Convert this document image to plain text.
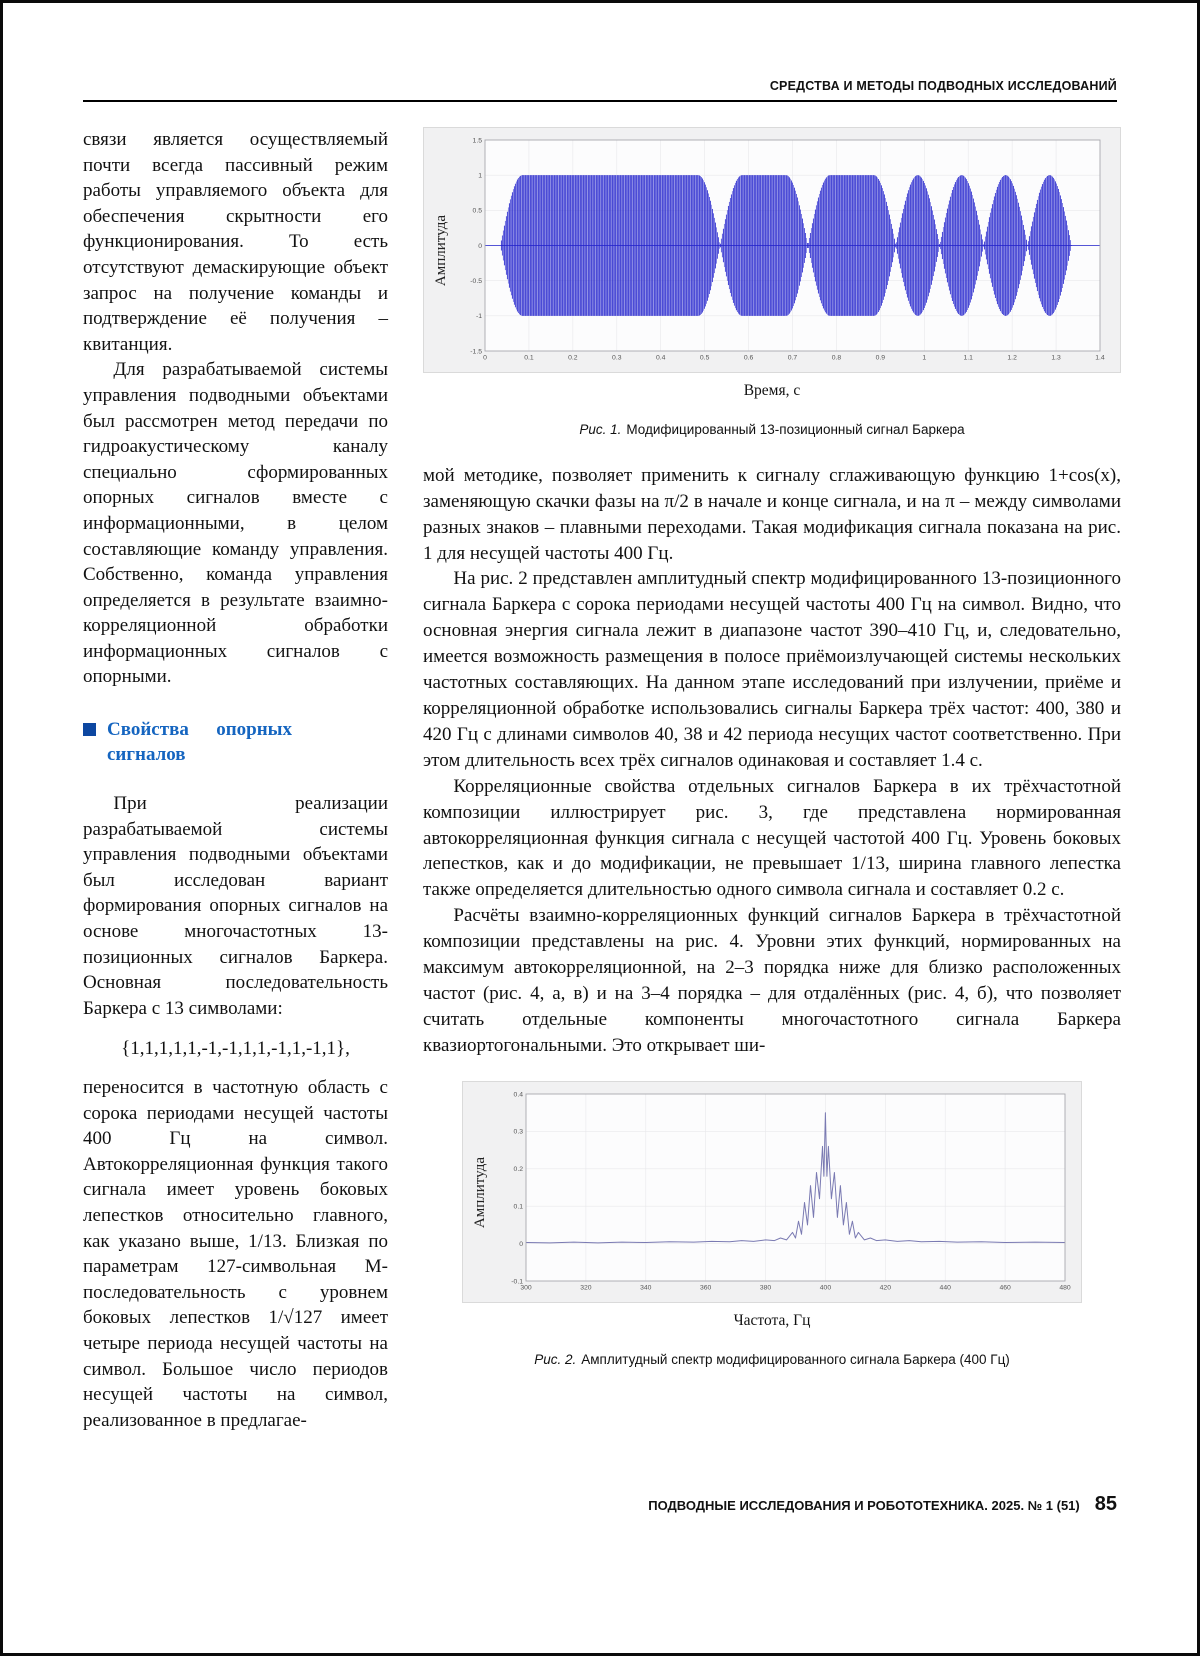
СРЕДСТВА И МЕТОДЫ ПОДВОДНЫХ ИССЛЕДОВАНИЙ

связи является осуществляемый почти всегда пассивный режим работы управляемого объекта для обеспечения скрытности его функционирования. То есть отсутствуют демаскирующие объект запрос на получение команды и подтверждение её получения – квитанция.

Для разрабатываемой системы управления подводными объектами был рассмотрен метод передачи по гидроакустическому каналу специально сформированных опорных сигналов вместе с информационными, в целом составляющие команду управления. Собственно, команда управления определяется в результате взаимно-корреляционной обработки информационных сигналов с опорными.

Свойства опорных сигналов

При реализации разрабатываемой системы управления подводными объектами был исследован вариант формирования опорных сигналов на основе многочастотных 13-позиционных сигналов Баркера. Основная последовательность Баркера с 13 символами:

{1,1,1,1,1,-1,-1,1,1,-1,1,-1,1},

переносится в частотную область с сорока периодами несущей частоты 400 Гц на символ. Автокорреляционная функция такого сигнала имеет уровень боковых лепестков относительно главного, как указано выше, 1/13. Близкая по параметрам 127-символьная М-последовательность с уровнем боковых лепестков 1/√127 имеет четыре периода несущей частоты на символ. Большое число периодов несущей частоты на символ, реализованное в предлагае-

Амплитуда
0	0.1	0.2	0.3	0.4	0.5	0.6	0.7	0.8	0.9	1	1.1	1.2	1.3	1.4
-1.5
-1
-0.5
0
0.5
1
1.5
Время, с
Рис. 1. Модифицированный 13-позиционный сигнал Баркера

мой методике, позволяет применить к сигналу сглаживающую функцию 1+cos(x), заменяющую скачки фазы на π/2 в начале и конце сигнала, и на π – между символами разных знаков – плавными переходами. Такая модификация сигнала показана на рис. 1 для несущей частоты 400 Гц.

На рис. 2 представлен амплитудный спектр модифицированного 13-позиционного сигнала Баркера с сорока периодами несущей частоты 400 Гц на символ. Видно, что основная энергия сигнала лежит в диапазоне частот 390–410 Гц, и, следовательно, имеется возможность размещения в полосе приёмоизлучающей системы нескольких частотных составляющих. На данном этапе исследований при излучении, приёме и корреляционной обработке использовались сигналы Баркера трёх частот: 400, 380 и 420 Гц с длинами символов 40, 38 и 42 периода несущих частот соответственно. При этом длительность всех трёх сигналов одинаковая и составляет 1.4 с.

Корреляционные свойства отдельных сигналов Баркера в их трёхчастотной композиции иллюстрирует рис. 3, где представлена нормированная автокорреляционная функция сигнала с несущей частотой 400 Гц. Уровень боковых лепестков, как и до модификации, не превышает 1/13, ширина главного лепестка также определяется длительностью одного символа сигнала и составляет 0.2 с.

Расчёты взаимно-корреляционных функций сигналов Баркера в трёхчастотной композиции представлены на рис. 4. Уровни этих функций, нормированных на максимум автокорреляционной, на 2–3 порядка ниже для близко расположенных частот (рис. 4, а, в) и на 3–4 порядка – для отдалённых (рис. 4, б), что позволяет считать отдельные компоненты многочастотного сигнала Баркера квазиортогональными. Это открывает ши-

Амплитуда
300	320	340	360	380	400	420	440	460	480
-0.1
0
0.1
0.2
0.3
0.4
Частота, Гц
Рис. 2. Амплитудный спектр модифицированного сигнала Баркера (400 Гц)
ПОДВОДНЫЕ ИССЛЕДОВАНИЯ И РОБОТОТЕХНИКА. 2025. № 1 (51) 85
